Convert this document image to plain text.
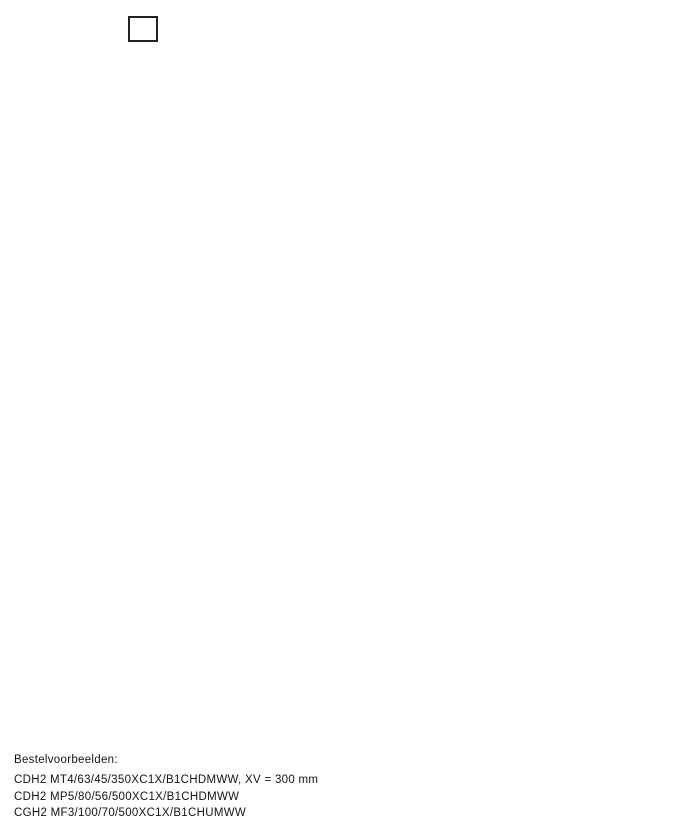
Bestelvoorbeelden:
CDH2 MT4/63/45/350XC1X/B1CHDMWW, XV = 300 mm
CDH2 MP5/80/56/500XC1X/B1CHDMWW
CGH2 MF3/100/70/500XC1X/B1CHUMWW
